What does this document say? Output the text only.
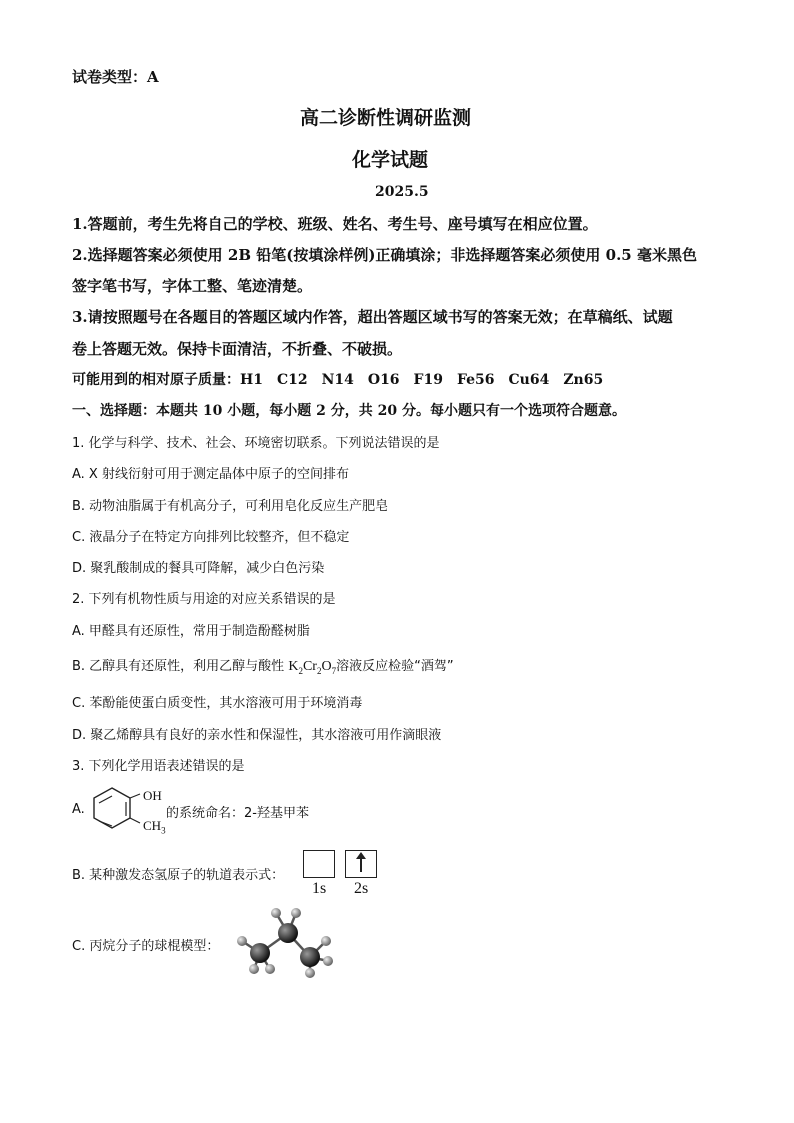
试卷类型：A
高二诊断性调研监测
化学试题
2025.5
1.答题前，考生先将自己的学校、班级、姓名、考生号、座号填写在相应位置。
2.选择题答案必须使用 2B 铅笔(按填涂样例)正确填涂；非选择题答案必须使用 0.5 毫米黑色
签字笔书写，字体工整、笔迹清楚。
3.请按照题号在各题目的答题区域内作答，超出答题区域书写的答案无效；在草稿纸、试题
卷上答题无效。保持卡面清洁，不折叠、不破损。
可能用到的相对原子质量：H1　C12　N14　O16　F19　Fe56　Cu64　Zn65
一、选择题：本题共 10 小题，每小题 2 分，共 20 分。每小题只有一个选项符合题意。
1. 化学与科学、技术、社会、环境密切联系。下列说法错误的是
A. X 射线衍射可用于测定晶体中原子的空间排布
B. 动物油脂属于有机高分子，可利用皂化反应生产肥皂
C. 液晶分子在特定方向排列比较整齐，但不稳定
D. 聚乳酸制成的餐具可降解，减少白色污染
2. 下列有机物性质与用途的对应关系错误的是
A. 甲醛具有还原性，常用于制造酚醛树脂
B. 乙醇具有还原性，利用乙醇与酸性 $K_2Cr_2O_7$溶液反应检验“酒驾”
C. 苯酚能使蛋白质变性，其水溶液可用于环境消毒
D. 聚乙烯醇具有良好的亲水性和保湿性，其水溶液可用作滴眼液
3. 下列化学用语表述错误的是
A.
OH
$CH_3$
的系统命名：2-羟基甲苯
B. 某种激发态氢原子的轨道表示式：
1s 2s
C. 丙烷分子的球棍模型：
